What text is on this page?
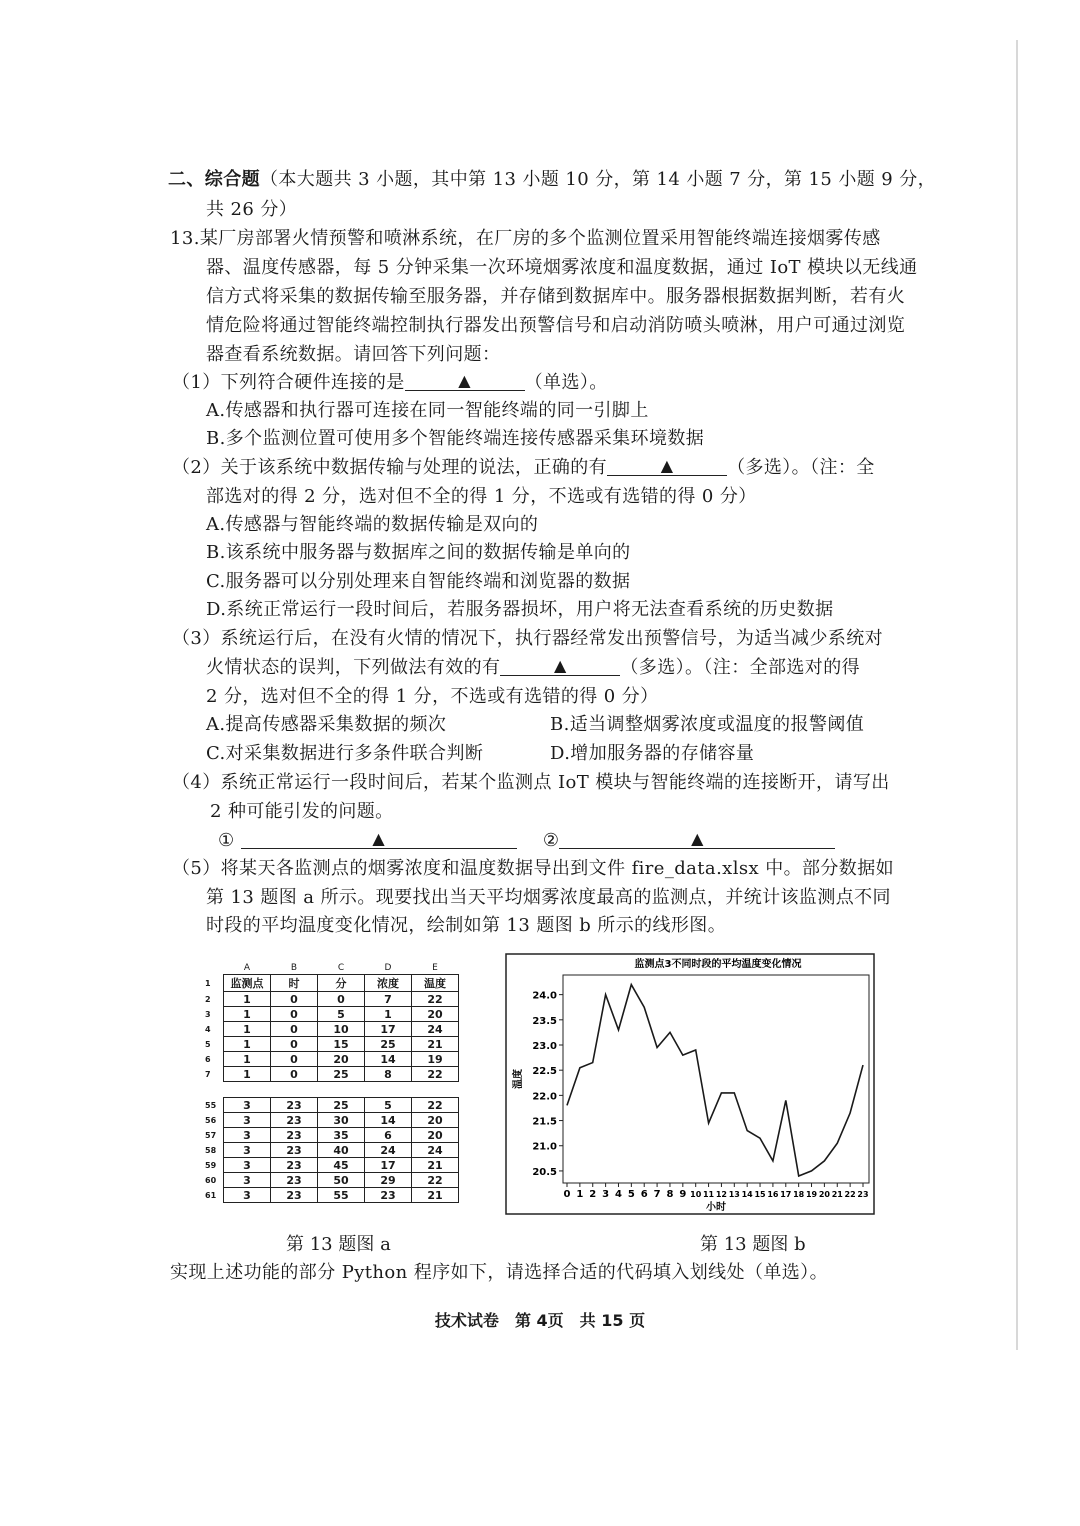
二、综合题（本大题共 3 小题，其中第 13 小题 10 分，第 14 小题 7 分，第 15 小题 9 分，
共 26 分）
13.某厂房部署火情预警和喷淋系统，在厂房的多个监测位置采用智能终端连接烟雾传感
器、温度传感器，每 5 分钟采集一次环境烟雾浓度和温度数据，通过 IoT 模块以无线通
信方式将采集的数据传输至服务器，并存储到数据库中。服务器根据数据判断，若有火
情危险将通过智能终端控制执行器发出预警信号和启动消防喷头喷淋，用户可通过浏览
器查看系统数据。请回答下列问题：
（1）下列符合硬件连接的是	▲	（单选）。
A.传感器和执行器可连接在同一智能终端的同一引脚上
B.多个监测位置可使用多个智能终端连接传感器采集环境数据
（2）关于该系统中数据传输与处理的说法，正确的有	▲	（多选）。（注：全
部选对的得 2 分，选对但不全的得 1 分，不选或有选错的得 0 分）
A.传感器与智能终端的数据传输是双向的
B.该系统中服务器与数据库之间的数据传输是单向的
C.服务器可以分别处理来自智能终端和浏览器的数据
D.系统正常运行一段时间后，若服务器损坏，用户将无法查看系统的历史数据
（3）系统运行后，在没有火情的情况下，执行器经常发出预警信号，为适当减少系统对
火情状态的误判，下列做法有效的有	▲	（多选）。（注：全部选对的得
2 分，选对但不全的得 1 分，不选或有选错的得 0 分）
A.提高传感器采集数据的频次	B.适当调整烟雾浓度或温度的报警阈值
C.对采集数据进行多条件联合判断	D.增加服务器的存储容量
（4）系统正常运行一段时间后，若某个监测点 IoT 模块与智能终端的连接断开，请写出
2 种可能引发的问题。
①	▲	②	▲
（5）将某天各监测点的烟雾浓度和温度数据导出到文件 fire_data.xlsx 中。部分数据如
第 13 题图 a 所示。现要找出当天平均烟雾浓度最高的监测点，并统计该监测点不同
时段的平均温度变化情况，绘制如第 13 题图 b 所示的线形图。
	A	B	C	D	E
1	监测点	时	分	浓度	温度
2	1	0	0	7	22
3	1	0	5	1	20
4	1	0	10	17	24
5	1	0	15	25	21
6	1	0	20	14	19
7	1	0	25	8	22

55	3	23	25	5	22
56	3	23	30	14	20
57	3	23	35	6	20
58	3	23	40	24	24
59	3	23	45	17	21
60	3	23	50	29	22
61	3	23	55	23	21
监测点3不同时段的平均温度变化情况
20.5
21.0
21.5
22.0
22.5
23.0
23.5
24.0
0 1 2 3 4 5 6 7 8 9 10 11 12 13 14 15 16 17 18 19 20 21 22 23
温度
小时
第 13 题图 a	第 13 题图 b
实现上述功能的部分 Python 程序如下，请选择合适的代码填入划线处（单选）。
技术试卷 第 4页 共 15 页
